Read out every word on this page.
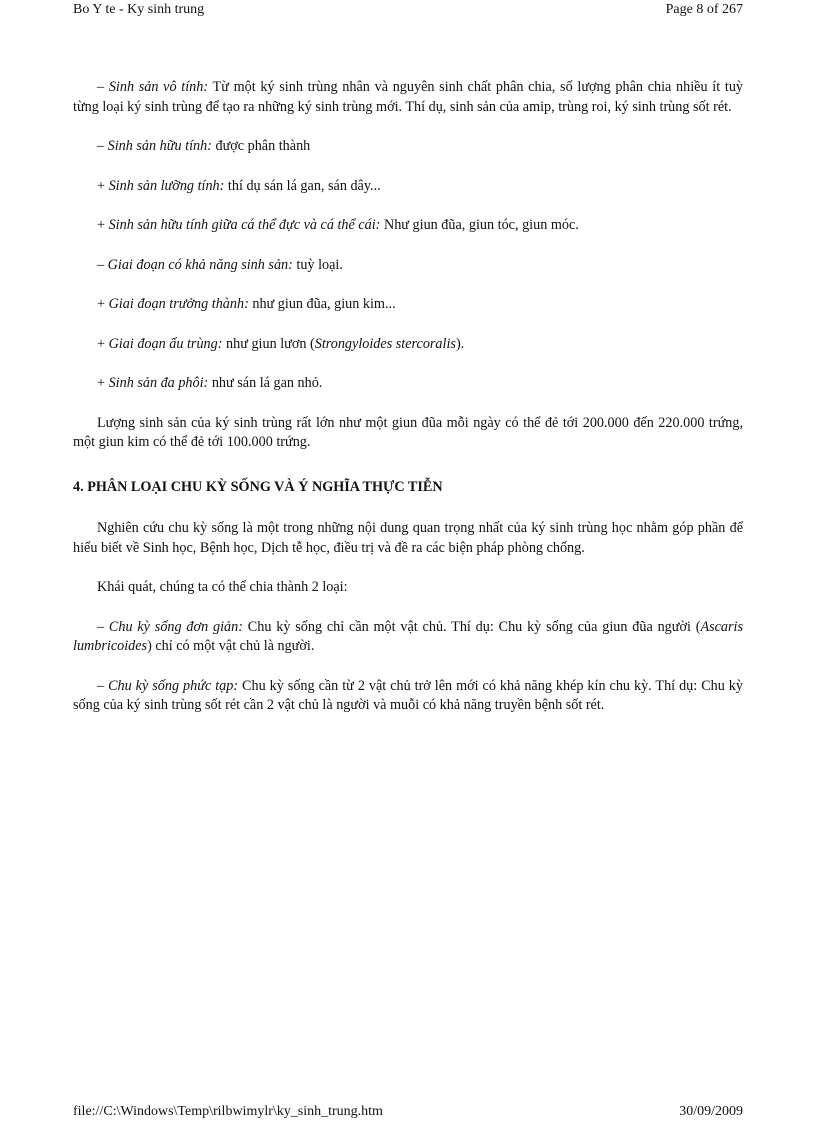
Bo Y te - Ky sinh trung	Page 8 of 267

– Sinh sản vô tính: Từ một ký sinh trùng nhân và nguyên sinh chất phân chia, số lượng phân chia nhiều ít tuỳ từng loại ký sinh trùng để tạo ra những ký sinh trùng mới. Thí dụ, sinh sản của amip, trùng roi, ký sinh trùng sốt rét.

– Sinh sản hữu tính: được phân thành

+ Sinh sản lưỡng tính: thí dụ sán lá gan, sán dây...

+ Sinh sản hữu tính giữa cá thể đực và cá thể cái: Như giun đũa, giun tóc, giun móc.

– Giai đoạn có khả năng sinh sản: tuỳ loại.

+ Giai đoạn trưởng thành: như giun đũa, giun kim...

+ Giai đoạn ấu trùng: như giun lươn (Strongyloides stercoralis).

+ Sinh sản đa phôi: như sán lá gan nhỏ.

Lượng sinh sản của ký sinh trùng rất lớn như một giun đũa mỗi ngày có thể đẻ tới 200.000 đến 220.000 trứng, một giun kim có thể đẻ tới 100.000 trứng.

4. PHÂN LOẠI CHU KỲ SỐNG VÀ Ý NGHĨA THỰC TIỄN

Nghiên cứu chu kỳ sống là một trong những nội dung quan trọng nhất của ký sinh trùng học nhằm góp phần để hiểu biết về Sinh học, Bệnh học, Dịch tễ học, điều trị và đề ra các biện pháp phòng chống.

Khái quát, chúng ta có thể chia thành 2 loại:

– Chu kỳ sống đơn giản: Chu kỳ sống chỉ cần một vật chủ. Thí dụ: Chu kỳ sống của giun đũa người (Ascaris lumbricoides) chỉ có một vật chủ là người.

– Chu kỳ sống phức tạp: Chu kỳ sống cần từ 2 vật chủ trở lên mới có khả năng khép kín chu kỳ. Thí dụ: Chu kỳ sống của ký sinh trùng sốt rét cần 2 vật chủ là người và muỗi có khả năng truyền bệnh sốt rét.

file://C:\Windows\Temp\rilbwimylr\ky_sinh_trung.htm	30/09/2009
